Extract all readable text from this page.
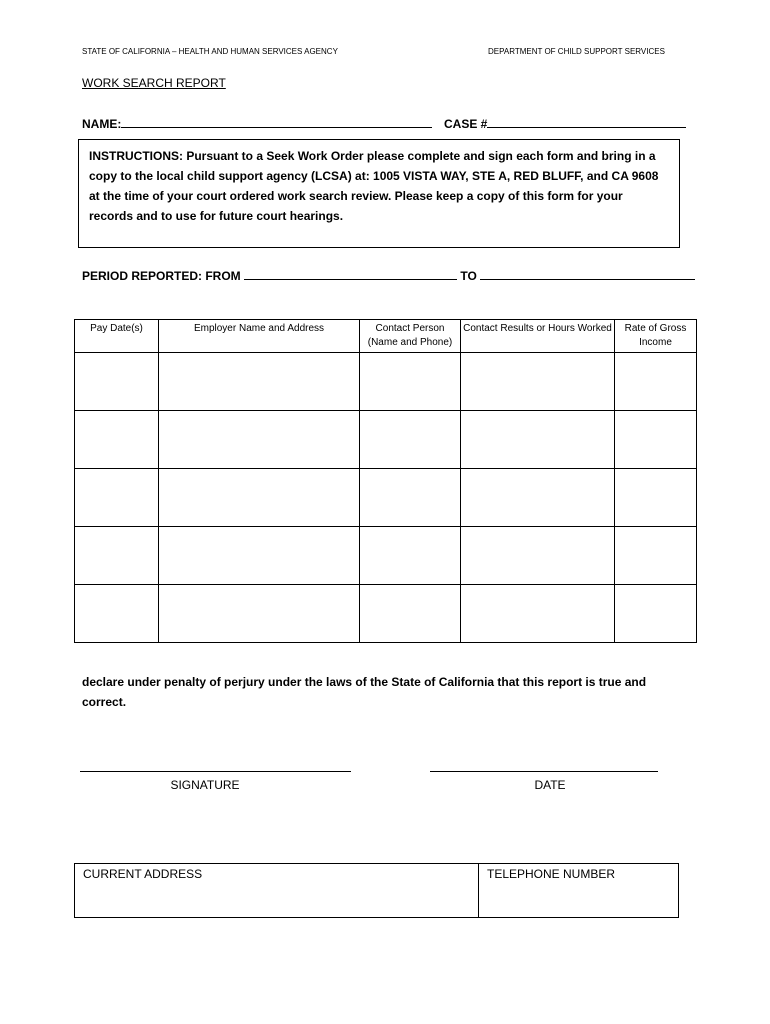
STATE OF CALIFORNIA – HEALTH AND HUMAN SERVICES AGENCY	DEPARTMENT OF CHILD SUPPORT SERVICES
WORK SEARCH REPORT
NAME:	CASE #
INSTRUCTIONS: Pursuant to a Seek Work Order please complete and sign each form and bring in a copy to the local child support agency (LCSA) at: 1005 VISTA WAY, STE A, RED BLUFF, and CA 9608 at the time of your court ordered work search review. Please keep a copy of this form for your records and to use for future court hearings.
PERIOD REPORTED: FROM	TO
Pay Date(s)	Employer Name and Address	Contact Person (Name and Phone)	Contact Results or Hours Worked	Rate of Gross Income

declare under penalty of perjury under the laws of the State of California that this report is true and correct.
SIGNATURE	DATE
CURRENT ADDRESS	TELEPHONE NUMBER
